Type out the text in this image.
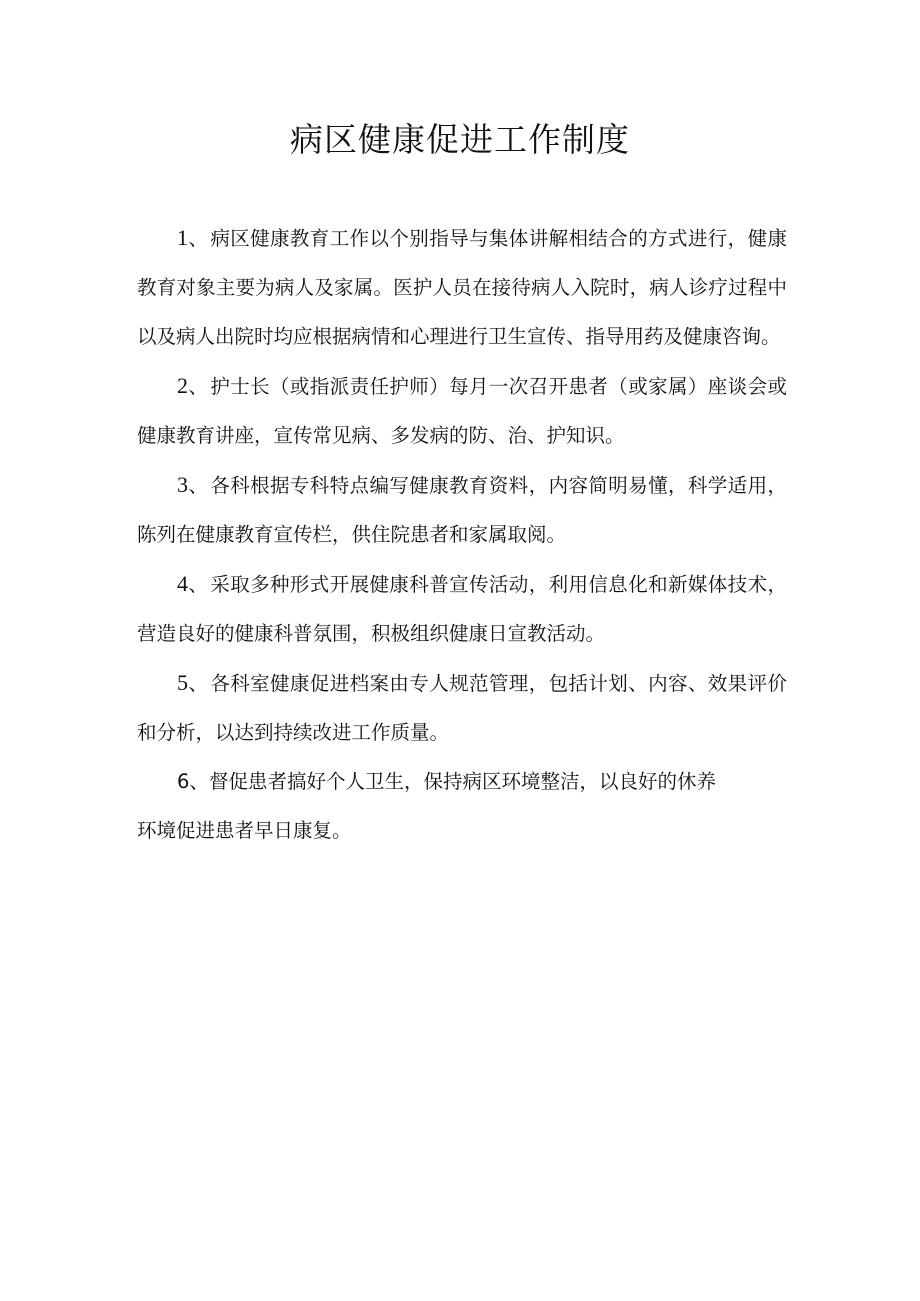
病区健康促进工作制度

1、 病区健康教育工作以个别指导与集体讲解相结合的方式进行，健康教育对象主要为病人及家属。医护人员在接待病人入院时，病人诊疗过程中以及病人出院时均应根据病情和心理进行卫生宣传、指导用药及健康咨询。

2、 护士长（或指派责任护师）每月一次召开患者（或家属）座谈会或健康教育讲座，宣传常见病、多发病的防、治、护知识。

3、 各科根据专科特点编写健康教育资料，内容简明易懂，科学适用，陈列在健康教育宣传栏，供住院患者和家属取阅。

4、 采取多种形式开展健康科普宣传活动，利用信息化和新媒体技术，营造良好的健康科普氛围，积极组织健康日宣教活动。

5、 各科室健康促进档案由专人规范管理，包括计划、内容、效果评价和分析，以达到持续改进工作质量。

6、督促患者搞好个人卫生，保持病区环境整洁，以良好的休养

环境促进患者早日康复。
